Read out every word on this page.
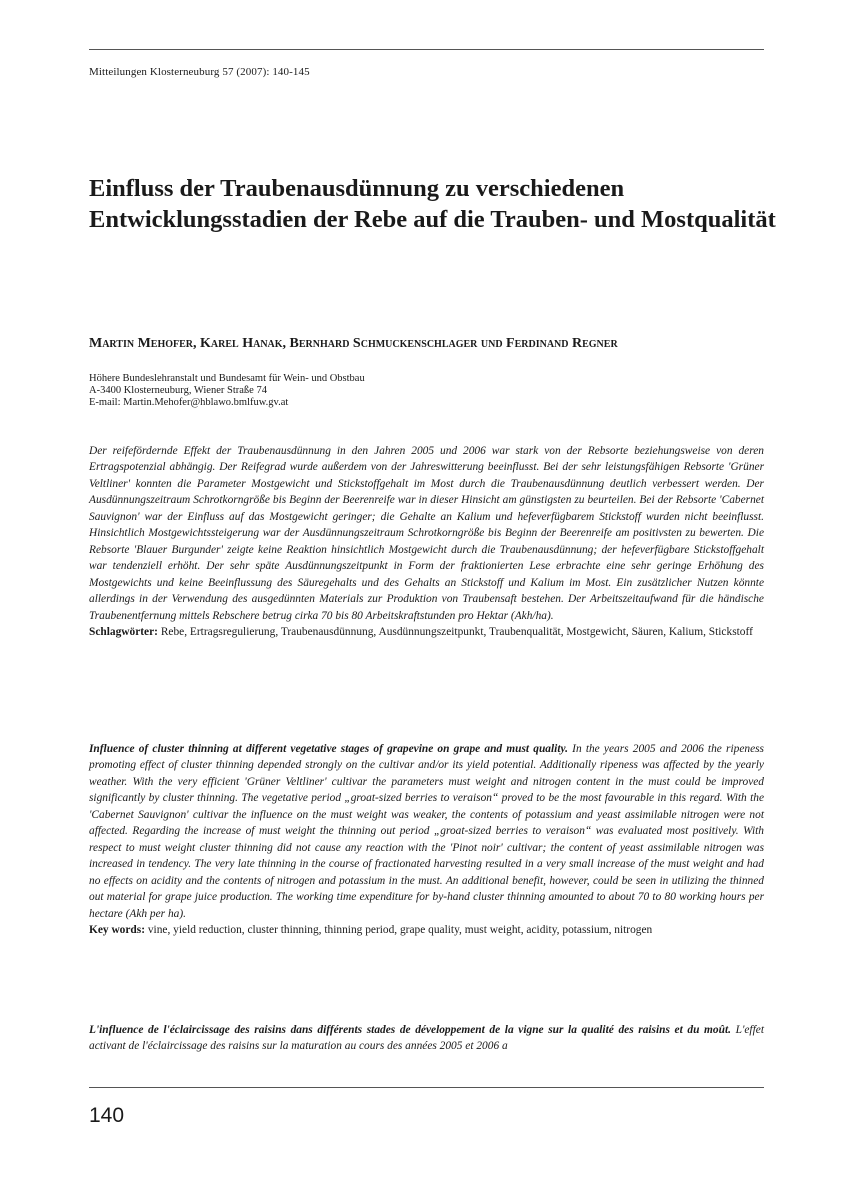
Mitteilungen Klosterneuburg 57 (2007): 140-145
Einfluss der Traubenausdünnung zu verschiedenen Entwicklungsstadien der Rebe auf die Trauben- und Mostqualität
Martin Mehofer, Karel Hanak, Bernhard Schmuckenschlager und Ferdinand Regner
Höhere Bundeslehranstalt und Bundesamt für Wein- und Obstbau
A-3400 Klosterneuburg, Wiener Straße 74
E-mail: Martin.Mehofer@hblawo.bmlfuw.gv.at

Der reifefördernde Effekt der Traubenausdünnung in den Jahren 2005 und 2006 war stark von der Rebsorte beziehungsweise von deren Ertragspotenzial abhängig. Der Reifegrad wurde außerdem von der Jahreswitterung beeinflusst. Bei der sehr leistungsfähigen Rebsorte 'Grüner Veltliner' konnten die Parameter Mostgewicht und Stickstoffgehalt im Most durch die Traubenausdünnung deutlich verbessert werden. Der Ausdünnungszeitraum Schrotkorngröße bis Beginn der Beerenreife war in dieser Hinsicht am günstigsten zu beurteilen. Bei der Rebsorte 'Cabernet Sauvignon' war der Einfluss auf das Mostgewicht geringer; die Gehalte an Kalium und hefeverfügbarem Stickstoff wurden nicht beeinflusst. Hinsichtlich Mostgewichtssteigerung war der Ausdünnungszeitraum Schrotkorngröße bis Beginn der Beerenreife am positivsten zu bewerten. Die Rebsorte 'Blauer Burgunder' zeigte keine Reaktion hinsichtlich Mostgewicht durch die Traubenausdünnung; der hefeverfügbare Stickstoffgehalt war tendenziell erhöht. Der sehr späte Ausdünnungszeitpunkt in Form der fraktionierten Lese erbrachte eine sehr geringe Erhöhung des Mostgewichts und keine Beeinflussung des Säuregehalts und des Gehalts an Stickstoff und Kalium im Most. Ein zusätzlicher Nutzen könnte allerdings in der Verwendung des ausgedünnten Materials zur Produktion von Traubensaft bestehen. Der Arbeitszeitaufwand für die händische Traubenentfernung mittels Rebschere betrug cirka 70 bis 80 Arbeitskraftstunden pro Hektar (Akh/ha).
Schlagwörter: Rebe, Ertragsregulierung, Traubenausdünnung, Ausdünnungszeitpunkt, Traubenqualität, Mostgewicht, Säuren, Kalium, Stickstoff

Influence of cluster thinning at different vegetative stages of grapevine on grape and must quality. In the years 2005 and 2006 the ripeness promoting effect of cluster thinning depended strongly on the cultivar and/or its yield potential. Additionally ripeness was affected by the yearly weather. With the very efficient 'Grüner Veltliner' cultivar the parameters must weight and nitrogen content in the must could be improved significantly by cluster thinning. The vegetative period „groat-sized berries to veraison“ proved to be the most favourable in this regard. With the 'Cabernet Sauvignon' cultivar the influence on the must weight was weaker, the contents of potassium and yeast assimilable nitrogen were not affected. Regarding the increase of must weight the thinning out period „groat-sized berries to veraison“ was evaluated most positively. With respect to must weight cluster thinning did not cause any reaction with the 'Pinot noir' cultivar; the content of yeast assimilable nitrogen was increased in tendency. The very late thinning in the course of fractionated harvesting resulted in a very small increase of the must weight and had no effects on acidity and the contents of nitrogen and potassium in the must. An additional benefit, however, could be seen in utilizing the thinned out material for grape juice production. The working time expenditure for by-hand cluster thinning amounted to about 70 to 80 working hours per hectare (Akh per ha).
Key words: vine, yield reduction, cluster thinning, thinning period, grape quality, must weight, acidity, potassium, nitrogen

L'influence de l'éclaircissage des raisins dans différents stades de développement de la vigne sur la qualité des raisins et du moût. L'effet activant de l'éclaircissage des raisins sur la maturation au cours des années 2005 et 2006 a

140
